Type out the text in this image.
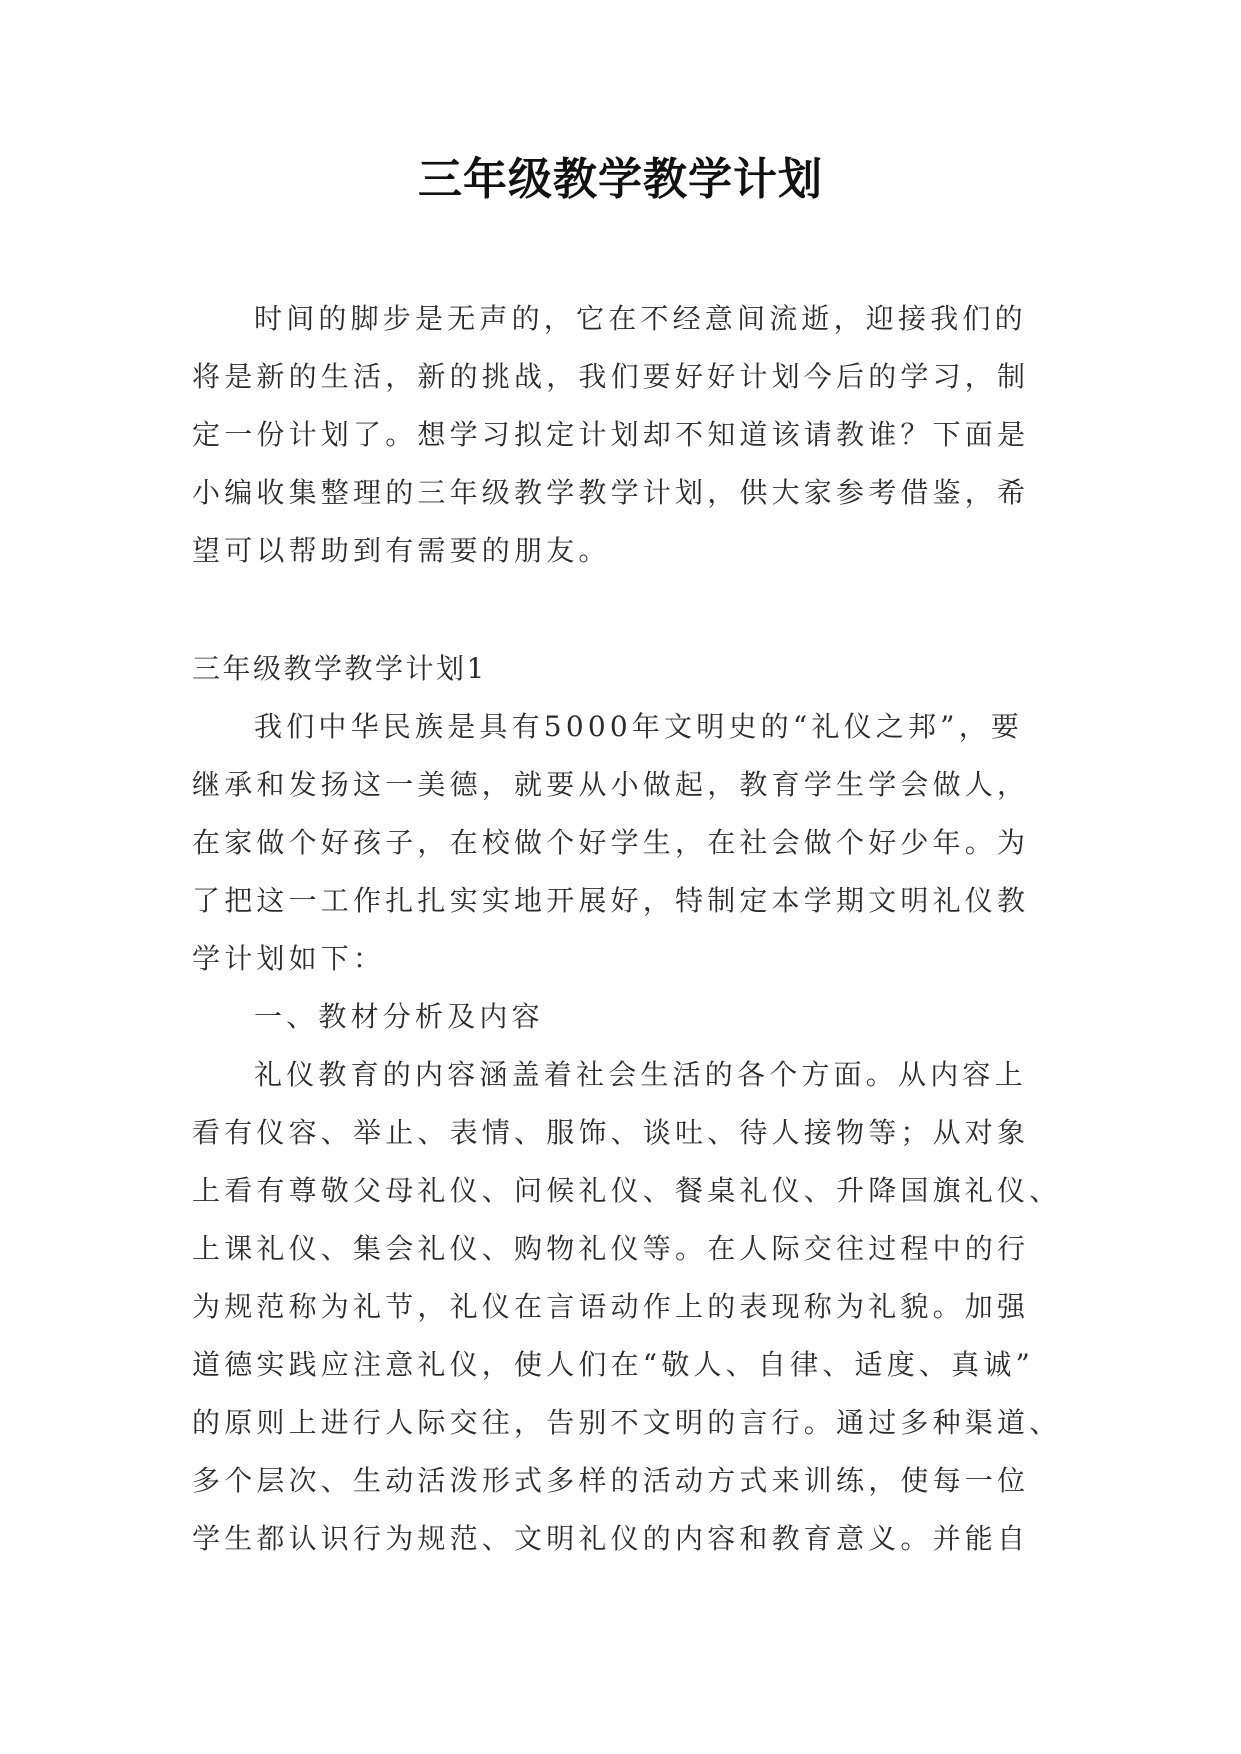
三年级教学教学计划
时间的脚步是无声的，它在不经意间流逝，迎接我们的
将是新的生活，新的挑战，我们要好好计划今后的学习，制
定一份计划了。想学习拟定计划却不知道该请教谁？下面是
小编收集整理的三年级教学教学计划，供大家参考借鉴，希
望可以帮助到有需要的朋友。
三年级教学教学计划1
我们中华民族是具有5000年文明史的“礼仪之邦”，要
继承和发扬这一美德，就要从小做起，教育学生学会做人，
在家做个好孩子，在校做个好学生，在社会做个好少年。为
了把这一工作扎扎实实地开展好，特制定本学期文明礼仪教
学计划如下：
一、教材分析及内容
礼仪教育的内容涵盖着社会生活的各个方面。从内容上
看有仪容、举止、表情、服饰、谈吐、待人接物等；从对象
上看有尊敬父母礼仪、问候礼仪、餐桌礼仪、升降国旗礼仪、
上课礼仪、集会礼仪、购物礼仪等。在人际交往过程中的行
为规范称为礼节，礼仪在言语动作上的表现称为礼貌。加强
道德实践应注意礼仪，使人们在“敬人、自律、适度、真诚”
的原则上进行人际交往，告别不文明的言行。通过多种渠道、
多个层次、生动活泼形式多样的活动方式来训练，使每一位
学生都认识行为规范、文明礼仪的内容和教育意义。并能自
